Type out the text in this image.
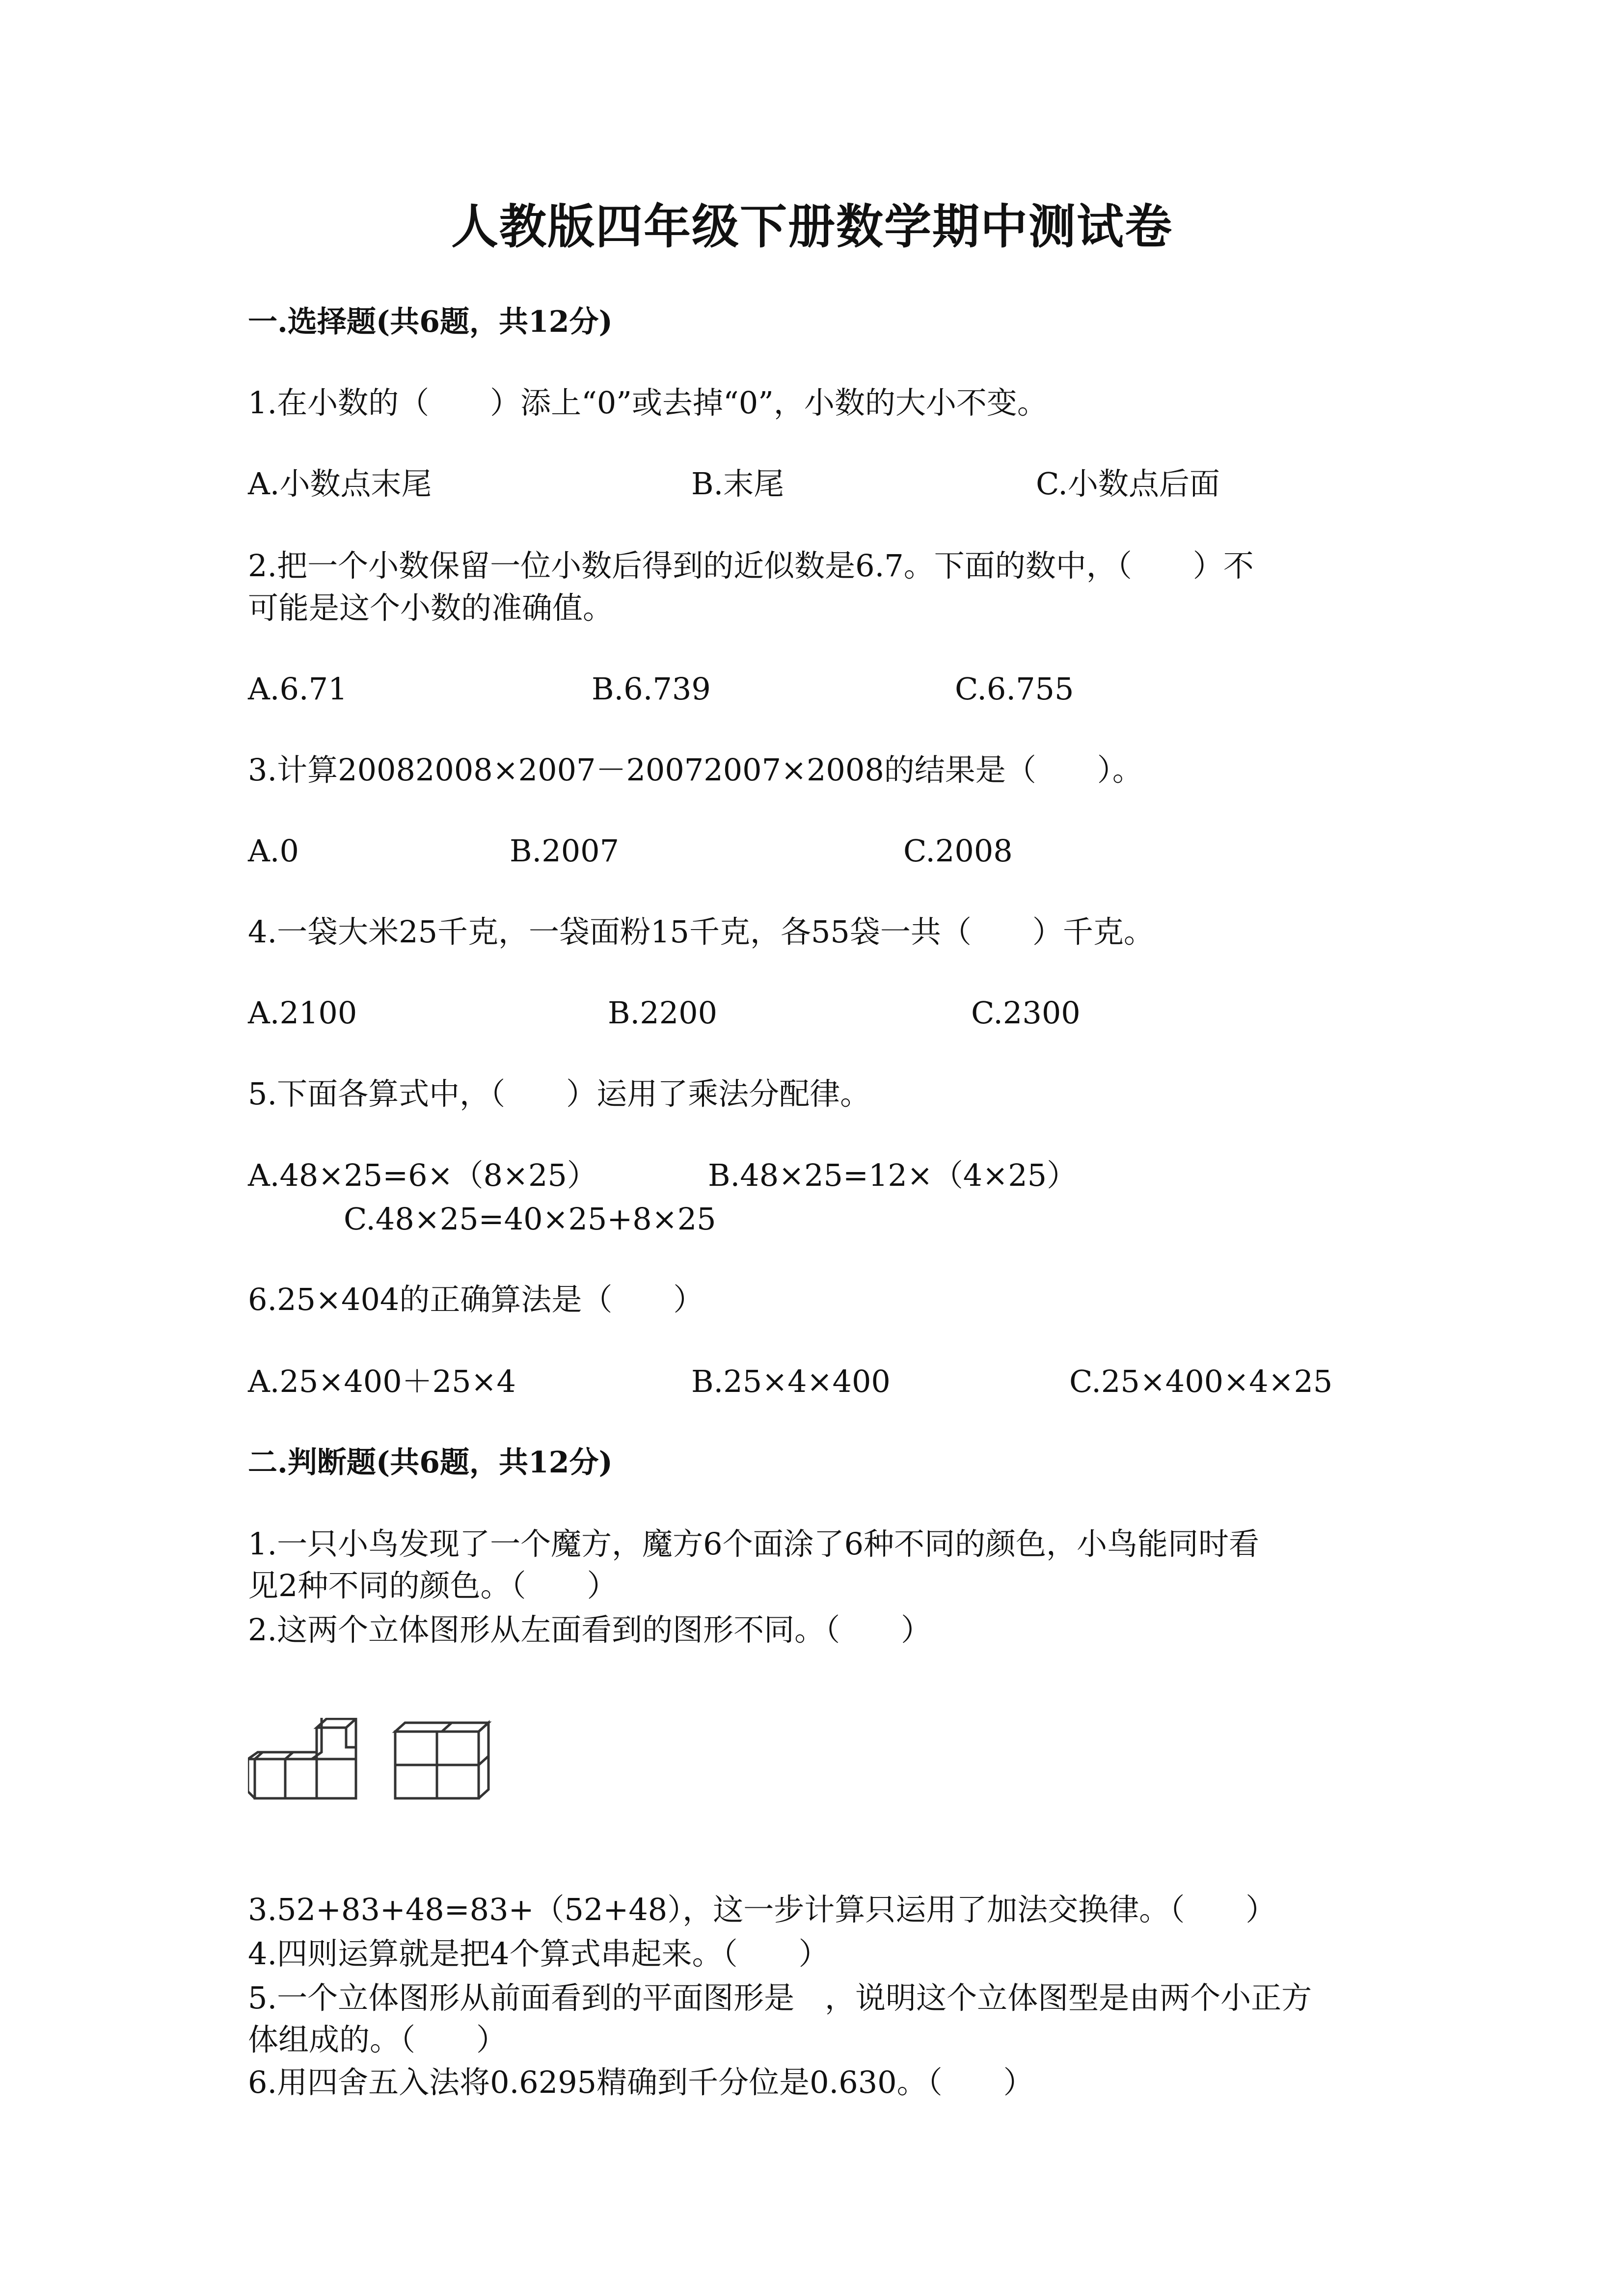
人教版四年级下册数学期中测试卷
一.选择题(共6题，共12分)
1.在小数的（　　）添上“0”或去掉“0”，小数的大小不变。
A.小数点末尾	B.末尾	C.小数点后面
2.把一个小数保留一位小数后得到的近似数是6.7。下面的数中，（　　）不
可能是这个小数的准确值。
A.6.71	B.6.739	C.6.755
3.计算20082008×2007－20072007×2008的结果是（　　）。
A.0	B.2007	C.2008
4.一袋大米25千克，一袋面粉15千克，各55袋一共（　　）千克。
A.2100	B.2200	C.2300
5.下面各算式中，（　　）运用了乘法分配律。
A.48×25=6×（8×25）	B.48×25=12×（4×25）
C.48×25=40×25+8×25
6.25×404的正确算法是（　　）
A.25×400＋25×4	B.25×4×400	C.25×400×4×25
二.判断题(共6题，共12分)
1.一只小鸟发现了一个魔方，魔方6个面涂了6种不同的颜色，小鸟能同时看
见2种不同的颜色。（　　）
2.这两个立体图形从左面看到的图形不同。（　　）
3.52+83+48=83+（52+48），这一步计算只运用了加法交换律。（　　）
4.四则运算就是把4个算式串起来。（　　）
5.一个立体图形从前面看到的平面图形是　，说明这个立体图型是由两个小正方
体组成的。（　　）
6.用四舍五入法将0.6295精确到千分位是0.630。（　　）
